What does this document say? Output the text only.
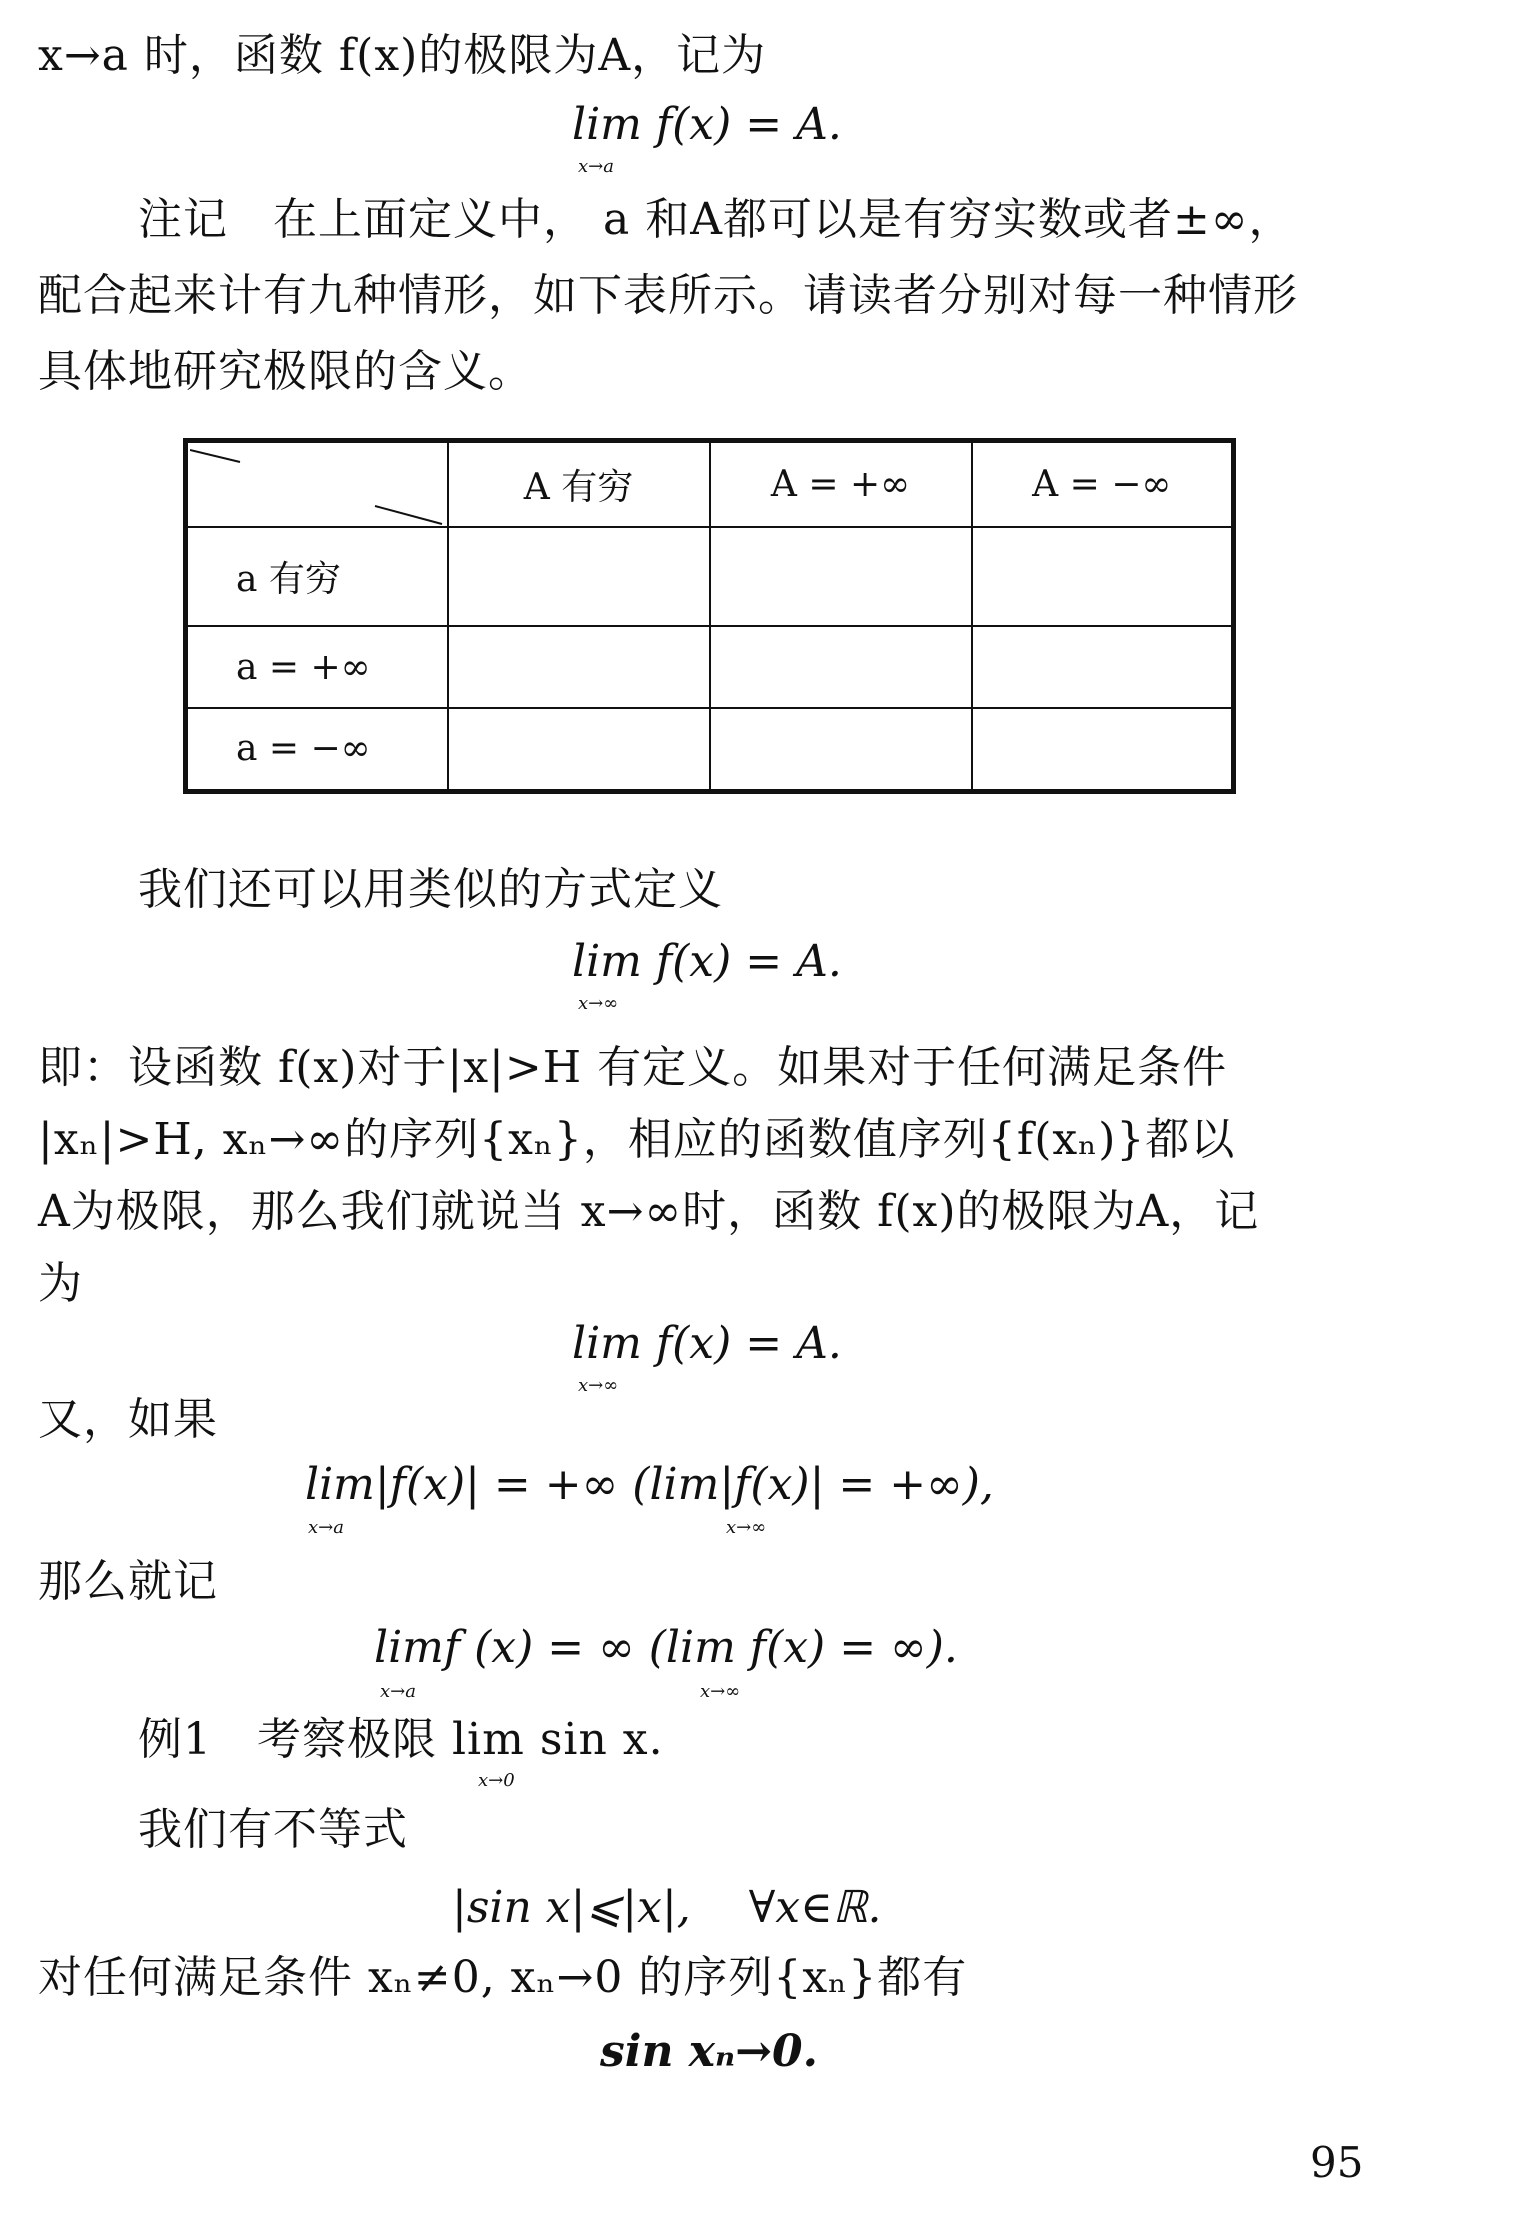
x→a 时，函数 f(x)的极限为A，记为
lim f(x) = A.
x→a
注记　在上面定义中， a 和A都可以是有穷实数或者±∞，
配合起来计有九种情形，如下表所示。请读者分别对每一种情形
具体地研究极限的含义。
	A 有穷	A = +∞	A = −∞
a 有穷			
a = +∞			
a = −∞			
我们还可以用类似的方式定义
lim f(x) = A.
x→∞
即：设函数 f(x)对于|x|>H 有定义。如果对于任何满足条件
|xₙ|>H, xₙ→∞的序列{xₙ}，相应的函数值序列{f(xₙ)}都以
A为极限，那么我们就说当 x→∞时，函数 f(x)的极限为A，记
为
lim f(x) = A.
x→∞
又，如果
lim|f(x)| = +∞ (lim|f(x)| = +∞),
x→a	x→∞
那么就记
limf (x) = ∞ (lim f(x) = ∞).
x→a	x→∞
例1　考察极限 lim sin x.
x→0
我们有不等式
|sin x|⩽|x|,　 ∀x∈ℝ.
对任何满足条件 xₙ≠0, xₙ→0 的序列{xₙ}都有
sin xₙ→0.
95
